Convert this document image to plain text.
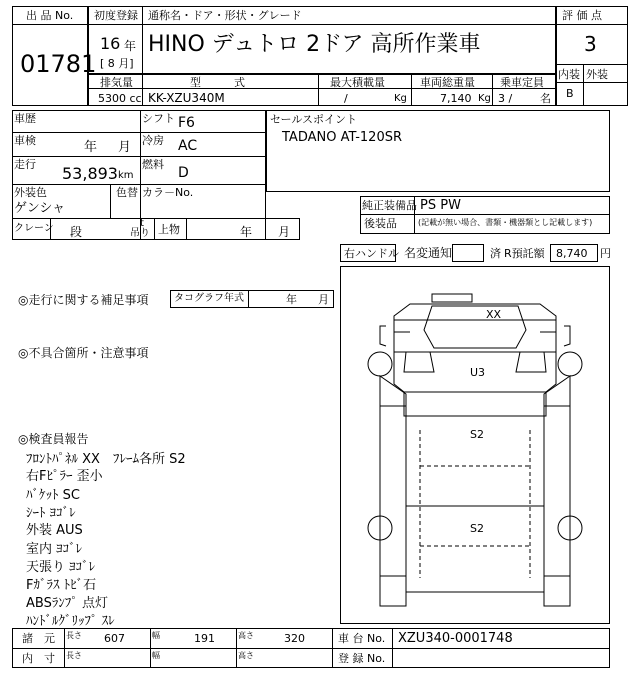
出 品 No.
01781
初度登録 通称名・ドア・形状・グレード
16 年
[ 8 月]
HINO デュトロ 2ドア 高所作業車
評 価 点
3
内装 外装
B
排気量	型　　　式	最大積載量	車両総重量 乗車定員
5300 cc KK-XZU340M	/	Kg	7,140 Kg 3 /	名
車歴
車検	年 月
走行 53,893 km
シフト F6
冷房 AC
燃料
D
外装色
ゲンシャ
色替 カラ－No.
セールスポイント
TADANO AT-120SR
純正装備品 PS PW
後装品	(記載が無い場合、書類・機器類とし記載します)
クレーン 段
t
吊り 上物	年 月
右ハンドル 名変通知	済 R預託額 8,740 円
◎走行に関する補足事項	タコグラフ年式	年 月
◎不具合箇所・注意事項
◎検査員報告
ﾌﾛﾝﾄﾊﾟﾈﾙ XX　ﾌﾚｰﾑ各所 S2
右Fﾋﾟﾗｰ 歪小
ﾊﾞｹｯﾄ SC
ｼｰﾄ ﾖｺﾞﾚ
外装 AUS
室内 ﾖｺﾞﾚ
天張り ﾖｺﾞﾚ
Fｶﾞﾗｽ ﾄﾋﾞ石
ABSﾗﾝﾌﾟ 点灯
ﾊﾝﾄﾞﾙｸﾞﾘｯﾌﾟ ｽﾚ
XX
U3
S2
S2
諸　元 長さ 607	幅	191	高さ	320	車 台 No. XZU340-0001748
内　寸 長さ	幅	高さ	登 録 No.
